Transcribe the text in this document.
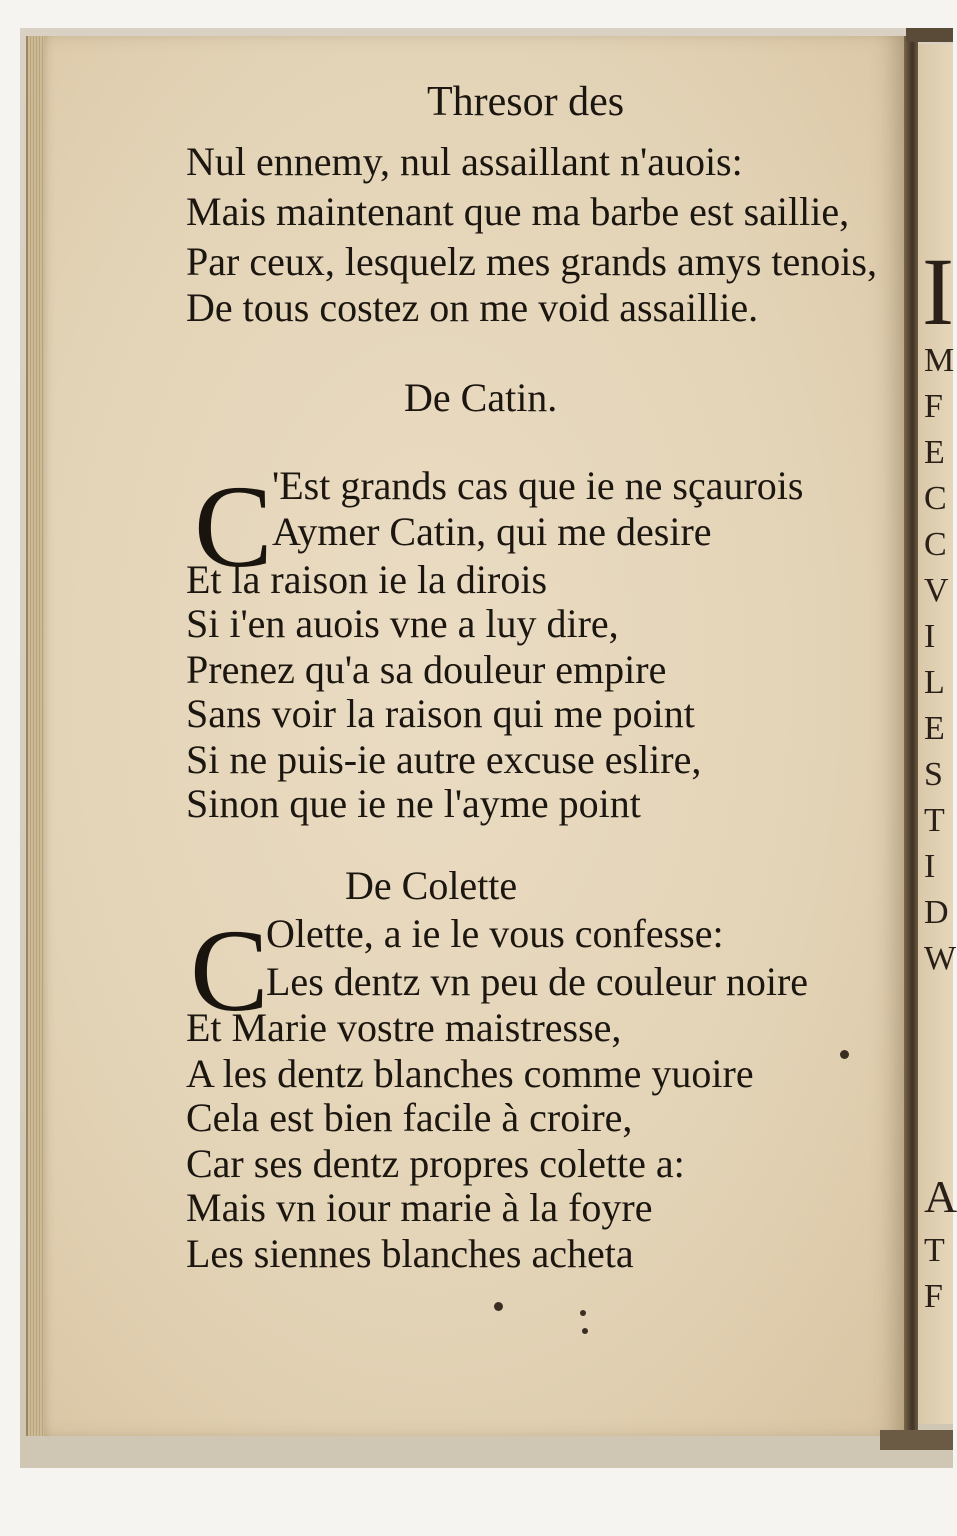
I
M
F
E
C
C
V
I
L
E
S
T
I
D
W
A
T
F
Thresor des
Nul ennemy, nul assaillant n'auois:
Mais maintenant que ma barbe est saillie,
Par ceux, lesquelz mes grands amys tenois,
De tous costez on me void assaillie.
De Catin.
C 'Est grands cas que ie ne sçaurois
Aymer Catin, qui me desire
Et la raison ie la dirois
Si i'en auois vne a luy dire,
Prenez qu'a sa douleur empire
Sans voir la raison qui me point
Si ne puis-ie autre excuse eslire,
Sinon que ie ne l'ayme point
De Colette
C
Olette, a ie le vous confesse:
Les dentz vn peu de couleur noire
Et Marie vostre maistresse,
A les dentz blanches comme yuoire
Cela est bien facile à croire,
Car ses dentz propres colette a:
Mais vn iour marie à la foyre
Les siennes blanches acheta
